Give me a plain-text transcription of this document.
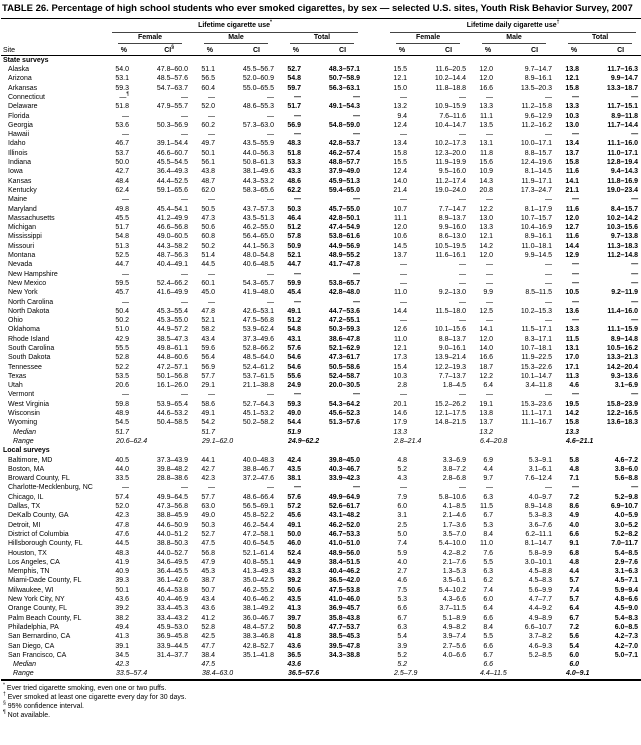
TABLE 26. Percentage of high school students who ever smoked cigarettes, by sex — selected U.S. sites, Youth Risk Behavior Survey, 2007

	Lifetime cigarette use*							Lifetime daily cigarette use†

	Female		Male		Total			Female		Male		Total	

Site	%	CI§	%	CI	%	CI		%	CI	%	CI	%	CI
State surveys													
Alaska	54.0	47.8–60.0	51.1	45.5–56.7	52.7	48.3–57.1		15.5	11.6–20.5	12.0	9.7–14.7	13.8	11.7–16.3
Arizona	53.1	48.5–57.6	56.5	52.0–60.9	54.8	50.7–58.9		12.1	10.2–14.4	12.0	8.9–16.1	12.1	9.9–14.7
Arkansas	59.3	54.7–63.7	60.4	55.0–65.5	59.7	56.3–63.1		15.0	11.8–18.8	16.6	13.5–20.3	15.8	13.3–18.7
Connecticut	—¶	—	—	—	—	—		—	—	—	—	—	—
Delaware	51.8	47.9–55.7	52.0	48.6–55.3	51.7	49.1–54.3		13.2	10.9–15.9	13.3	11.2–15.8	13.3	11.7–15.1
Florida	—	—	—	—	—	—		9.4	7.6–11.6	11.1	9.6–12.9	10.3	8.9–11.8
Georgia	53.6	50.3–56.9	60.2	57.3–63.0	56.9	54.8–59.0		12.4	10.4–14.7	13.5	11.2–16.2	13.0	11.7–14.4
Hawaii	—	—	—	—	—	—		—	—	—	—	—	—
Idaho	46.7	39.1–54.4	49.7	43.5–55.9	48.3	42.8–53.7		13.4	10.2–17.3	13.1	10.0–17.1	13.4	11.1–16.0
Illinois	53.7	46.6–60.7	50.1	44.0–56.3	51.8	46.2–57.4		15.8	12.3–20.0	11.8	8.8–15.7	13.7	11.0–17.1
Indiana	50.0	45.5–54.5	56.1	50.8–61.3	53.3	48.8–57.7		15.5	11.9–19.9	15.6	12.4–19.6	15.8	12.8–19.4
Iowa	42.7	36.4–49.3	43.8	38.1–49.6	43.3	37.9–49.0		12.4	9.5–16.0	10.9	8.1–14.5	11.6	9.4–14.3
Kansas	48.4	44.4–52.5	48.7	44.3–53.2	48.6	45.9–51.3		14.0	11.2–17.4	14.3	11.9–17.1	14.1	11.8–16.9
Kentucky	62.4	59.1–65.6	62.0	58.3–65.6	62.2	59.4–65.0		21.4	19.0–24.0	20.8	17.3–24.7	21.1	19.0–23.4
Maine	—	—	—	—	—	—		—	—	—	—	—	—
Maryland	49.8	45.4–54.1	50.5	43.7–57.3	50.3	45.7–55.0		10.7	7.7–14.7	12.2	8.1–17.9	11.6	8.4–15.7
Massachusetts	45.5	41.2–49.9	47.3	43.5–51.3	46.4	42.8–50.1		11.1	8.9–13.7	13.0	10.7–15.7	12.0	10.2–14.2
Michigan	51.7	46.6–56.8	50.6	46.2–55.0	51.2	47.4–54.9		12.0	9.9–16.0	13.3	10.4–16.9	12.7	10.3–15.6
Mississippi	54.8	49.0–60.5	60.8	56.4–65.0	57.8	53.8–61.6		10.6	8.6–13.0	12.1	8.9–16.1	11.6	9.7–13.8
Missouri	51.3	44.3–58.2	50.2	44.1–56.3	50.9	44.9–56.9		14.5	10.5–19.5	14.2	11.0–18.1	14.4	11.3–18.3
Montana	52.5	48.7–56.3	51.4	48.0–54.8	52.1	48.9–55.2		13.7	11.6–16.1	12.0	9.9–14.5	12.9	11.2–14.8
Nevada	44.7	40.4–49.1	44.5	40.6–48.5	44.7	41.7–47.8		—	—	—	—	—	—
New Hampshire	—	—	—	—	—	—		—	—	—	—	—	—
New Mexico	59.5	52.4–66.2	60.1	54.3–65.7	59.9	53.8–65.7		—	—	—	—	—	—
New York	45.7	41.6–49.9	45.0	41.9–48.0	45.4	42.8–48.0		11.0	9.2–13.0	9.9	8.5–11.5	10.5	9.2–11.9
North Carolina	—	—	—	—	—	—		—	—	—	—	—	—
North Dakota	50.4	45.3–55.4	47.8	42.6–53.1	49.1	44.7–53.6		14.4	11.5–18.0	12.5	10.2–15.3	13.6	11.4–16.0
Ohio	50.2	45.3–55.0	52.1	47.5–56.8	51.2	47.2–55.1		—	—	—	—	—	—
Oklahoma	51.0	44.9–57.2	58.2	53.9–62.4	54.8	50.3–59.3		12.6	10.1–15.6	14.1	11.5–17.1	13.3	11.1–15.9
Rhode Island	42.9	38.5–47.3	43.4	37.3–49.6	43.1	38.6–47.8		11.0	8.8–13.7	12.0	8.3–17.1	11.5	8.9–14.8
South Carolina	55.5	49.8–61.1	59.6	52.8–66.2	57.6	52.1–62.9		12.1	9.0–16.1	14.0	10.7–18.1	13.1	10.5–16.2
South Dakota	52.8	44.8–60.6	56.4	48.5–64.0	54.6	47.3–61.7		17.3	13.9–21.4	16.6	11.9–22.5	17.0	13.3–21.3
Tennessee	52.2	47.2–57.1	56.9	52.4–61.2	54.6	50.5–58.6		15.4	12.2–19.3	18.7	15.3–22.6	17.1	14.2–20.4
Texas	53.5	50.1–56.8	57.7	53.7–61.5	55.6	52.4–58.7		10.3	7.7–13.7	12.2	10.1–14.7	11.3	9.3–13.6
Utah	20.6	16.1–26.0	29.1	21.1–38.8	24.9	20.0–30.5		2.8	1.8–4.5	6.4	3.4–11.8	4.6	3.1–6.9
Vermont	—	—	—	—	—	—		—	—	—	—	—	—
West Virginia	59.8	53.9–65.4	58.6	52.7–64.3	59.3	54.3–64.2		20.1	15.2–26.2	19.1	15.3–23.6	19.5	15.8–23.9
Wisconsin	48.9	44.6–53.2	49.1	45.1–53.2	49.0	45.6–52.3		14.6	12.1–17.5	13.8	11.1–17.1	14.2	12.2–16.5
Wyoming	54.5	50.4–58.5	54.2	50.2–58.2	54.4	51.3–57.6		17.9	14.8–21.5	13.7	11.1–16.7	15.8	13.6–18.3
Median	51.7		51.7		51.9			13.3		13.2		13.3	
Range	20.6–62.4		29.1–62.0		24.9–62.2			2.8–21.4		6.4–20.8		4.6–21.1	
Local surveys													
Baltimore, MD	40.5	37.3–43.9	44.1	40.0–48.3	42.4	39.8–45.0		4.8	3.3–6.9	6.9	5.3–9.1	5.8	4.6–7.2
Boston, MA	44.0	39.8–48.2	42.7	38.8–46.7	43.5	40.3–46.7		5.2	3.8–7.2	4.4	3.1–6.1	4.8	3.8–6.0
Broward County, FL	33.5	28.8–38.6	42.3	37.2–47.6	38.1	33.9–42.3		4.3	2.8–6.8	9.7	7.6–12.4	7.1	5.6–8.8
Charlotte-Mecklenburg, NC	—	—	—	—	—	—		—	—	—	—	—	—
Chicago, IL	57.4	49.9–64.5	57.7	48.6–66.4	57.6	49.9–64.9		7.9	5.8–10.6	6.3	4.0–9.7	7.2	5.2–9.8
Dallas, TX	52.0	47.3–56.8	63.0	56.5–69.1	57.2	52.6–61.7		6.0	4.1–8.5	11.5	8.9–14.8	8.6	6.9–10.7
DeKalb County, GA	42.3	38.8–45.9	49.0	45.8–52.2	45.6	43.1–48.2		3.1	2.1–4.6	6.7	5.3–8.3	4.9	4.0–5.9
Detroit, MI	47.8	44.6–50.9	50.3	46.2–54.4	49.1	46.2–52.0		2.5	1.7–3.6	5.3	3.6–7.6	4.0	3.0–5.2
District of Columbia	47.6	44.0–51.2	52.7	47.2–58.1	50.0	46.7–53.3		5.0	3.5–7.0	8.4	6.2–11.1	6.6	5.2–8.2
Hillsborough County, FL	44.5	38.8–50.3	47.5	40.6–54.5	46.0	41.0–51.0		7.4	5.4–10.0	11.0	8.1–14.7	9.1	7.0–11.7
Houston, TX	48.3	44.0–52.7	56.8	52.1–61.4	52.4	48.9–56.0		5.9	4.2–8.2	7.6	5.8–9.9	6.8	5.4–8.5
Los Angeles, CA	41.9	34.6–49.5	47.9	40.8–55.1	44.9	38.4–51.5		4.0	2.1–7.6	5.5	3.0–10.1	4.8	2.9–7.6
Memphis, TN	40.9	36.4–45.5	45.3	41.3–49.3	43.3	40.4–46.2		2.7	1.3–5.3	6.3	4.5–8.8	4.4	3.1–6.3
Miami-Dade County, FL	39.3	36.1–42.6	38.7	35.0–42.5	39.2	36.5–42.0		4.6	3.5–6.1	6.2	4.5–8.3	5.7	4.5–7.1
Milwaukee, WI	50.1	46.4–53.8	50.7	46.2–55.2	50.6	47.5–53.8		7.5	5.4–10.2	7.4	5.6–9.9	7.4	5.9–9.4
New York City, NY	43.6	40.4–46.9	43.4	40.6–46.2	43.5	41.0–46.0		5.3	4.3–6.6	6.0	4.7–7.7	5.7	4.8–6.6
Orange County, FL	39.2	33.4–45.3	43.6	38.1–49.2	41.3	36.9–45.7		6.6	3.7–11.5	6.4	4.4–9.2	6.4	4.5–9.0
Palm Beach County, FL	38.2	33.4–43.2	41.2	36.0–46.7	39.7	35.8–43.8		6.7	5.1–8.9	6.6	4.9–8.9	6.7	5.4–8.3
Philadelphia, PA	49.4	45.9–53.0	52.8	48.4–57.2	50.8	47.7–53.7		6.3	4.9–8.2	8.4	6.6–10.7	7.2	6.0–8.5
San Bernardino, CA	41.3	36.9–45.8	42.5	38.3–46.8	41.8	38.5–45.3		5.4	3.9–7.4	5.5	3.7–8.2	5.6	4.2–7.3
San Diego, CA	39.1	33.9–44.5	47.7	42.8–52.7	43.6	39.5–47.8		3.9	2.7–5.6	6.6	4.6–9.3	5.4	4.2–7.0
San Francisco, CA	34.5	31.4–37.7	38.4	35.1–41.8	36.5	34.3–38.8		5.2	4.0–6.6	6.7	5.2–8.5	6.0	5.0–7.1
Median	42.3		47.5		43.6			5.2		6.6		6.0	
Range	33.5–57.4		38.4–63.0		36.5–57.6			2.5–7.9		4.4–11.5		4.0–9.1	
* Ever tried cigarette smoking, even one or two puffs.
† Ever smoked at least one cigarette every day for 30 days.
§ 95% confidence interval.
¶ Not available.
